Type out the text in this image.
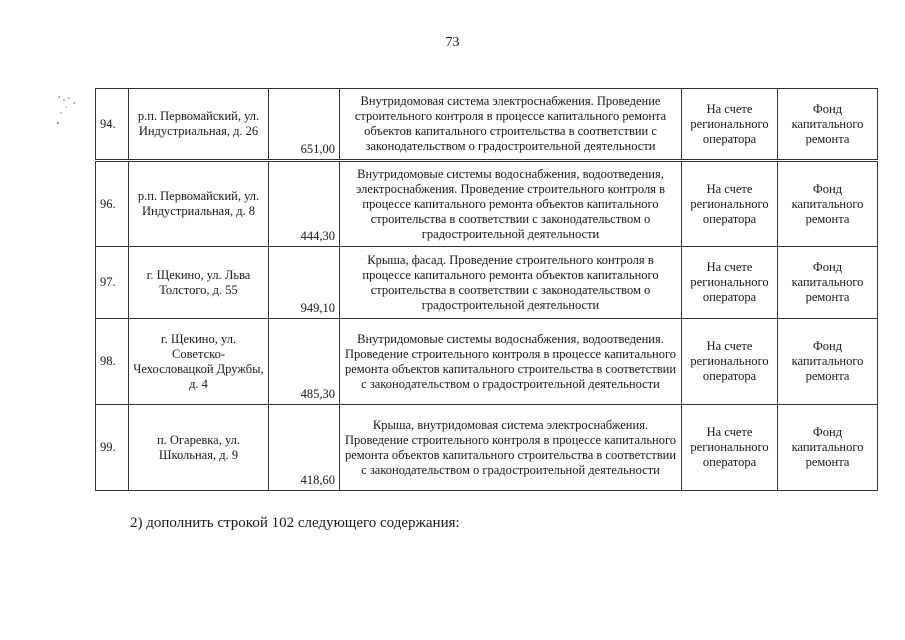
73
94.	р.п. Первомайский, ул. Индустриальная, д. 26	651,00	Внутридомовая система электроснабжения. Проведение строительного контроля в процессе капитального ремонта объектов капитального строительства в соответствии с законодательством о градостроительной деятельности	На счете регионального оператора	Фонд капитального ремонта
96.	р.п. Первомайский, ул. Индустриальная, д. 8	444,30	Внутридомовые системы водоснабжения, водоотведения, электроснабжения. Проведение строительного контроля в процессе капитального ремонта объектов капитального строительства в соответствии с законодательством о градостроительной деятельности	На счете регионального оператора	Фонд капитального ремонта
97.	г. Щекино, ул. Льва Толстого, д. 55	949,10	Крыша, фасад. Проведение строительного контроля в процессе капитального ремонта объектов капитального строительства в соответствии с законодательством о градостроительной деятельности	На счете регионального оператора	Фонд капитального ремонта
98.	г. Щекино, ул. Советско-Чехословацкой Дружбы, д. 4	485,30	Внутридомовые системы водоснабжения, водоотведения. Проведение строительного контроля в процессе капитального ремонта объектов капитального строительства в соответствии с законодательством о градостроительной деятельности	На счете регионального оператора	Фонд капитального ремонта
99.	п. Огаревка, ул. Школьная, д. 9	418,60	Крыша, внутридомовая система электроснабжения. Проведение строительного контроля в процессе капитального ремонта объектов капитального строительства в соответствии с законодательством о градостроительной деятельности	На счете регионального оператора	Фонд капитального ремонта
2) дополнить строкой 102 следующего содержания:
